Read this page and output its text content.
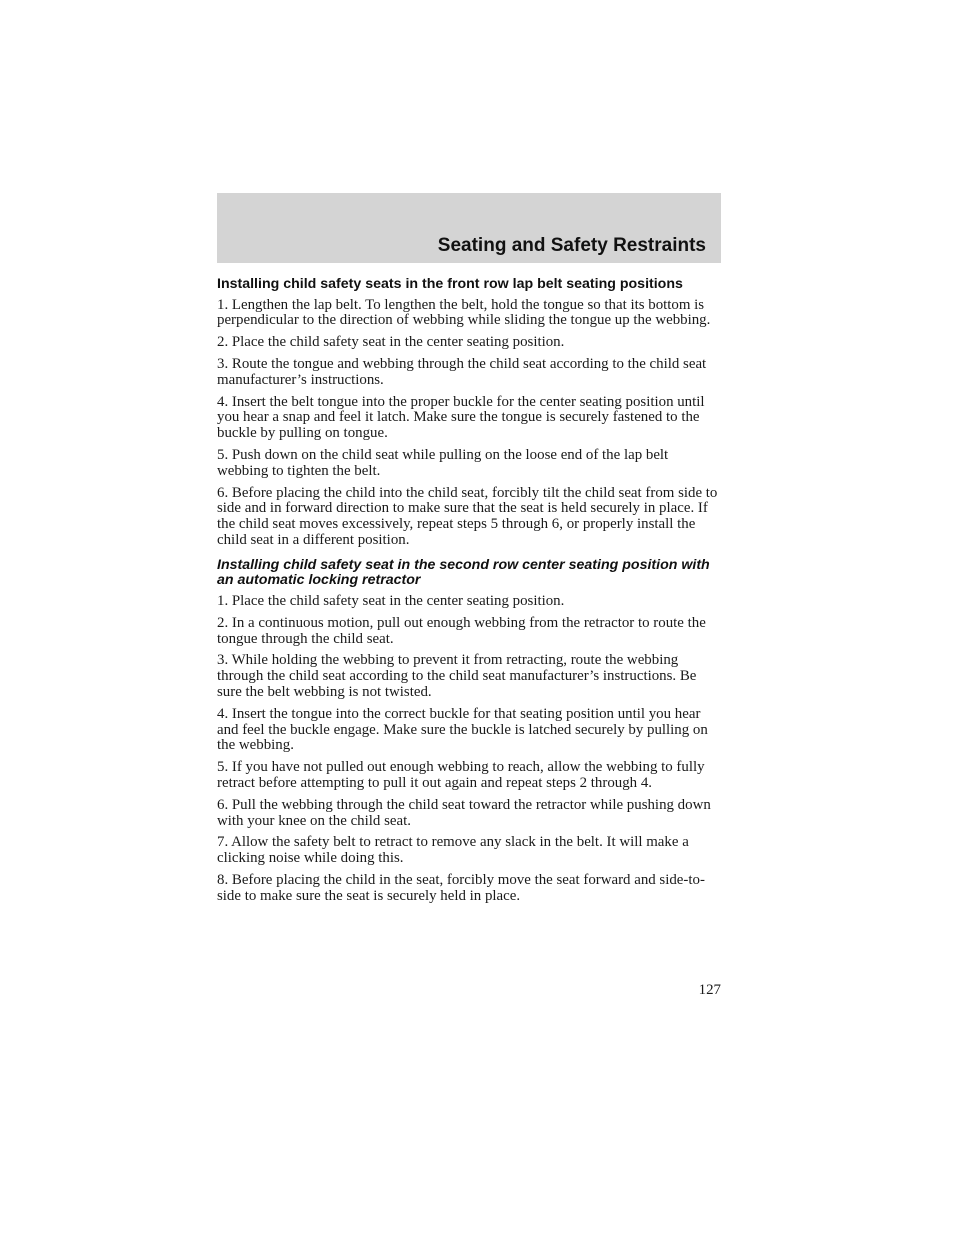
Seating and Safety Restraints
Installing child safety seats in the front row lap belt seating positions

1. Lengthen the lap belt. To lengthen the belt, hold the tongue so that its bottom is perpendicular to the direction of webbing while sliding the tongue up the webbing.

2. Place the child safety seat in the center seating position.

3. Route the tongue and webbing through the child seat according to the child seat manufacturer’s instructions.

4. Insert the belt tongue into the proper buckle for the center seating position until you hear a snap and feel it latch. Make sure the tongue is securely fastened to the buckle by pulling on tongue.

5. Push down on the child seat while pulling on the loose end of the lap belt webbing to tighten the belt.

6. Before placing the child into the child seat, forcibly tilt the child seat from side to side and in forward direction to make sure that the seat is held securely in place. If the child seat moves excessively, repeat steps 5 through 6, or properly install the child seat in a different position.

Installing child safety seat in the second row center seating position with an automatic locking retractor

1. Place the child safety seat in the center seating position.

2. In a continuous motion, pull out enough webbing from the retractor to route the tongue through the child seat.

3. While holding the webbing to prevent it from retracting, route the webbing through the child seat according to the child seat manufacturer’s instructions. Be sure the belt webbing is not twisted.

4. Insert the tongue into the correct buckle for that seating position until you hear and feel the buckle engage. Make sure the buckle is latched securely by pulling on the webbing.

5. If you have not pulled out enough webbing to reach, allow the webbing to fully retract before attempting to pull it out again and repeat steps 2 through 4.

6. Pull the webbing through the child seat toward the retractor while pushing down with your knee on the child seat.

7. Allow the safety belt to retract to remove any slack in the belt. It will make a clicking noise while doing this.

8. Before placing the child in the seat, forcibly move the seat forward and side-to-side to make sure the seat is securely held in place.

127
